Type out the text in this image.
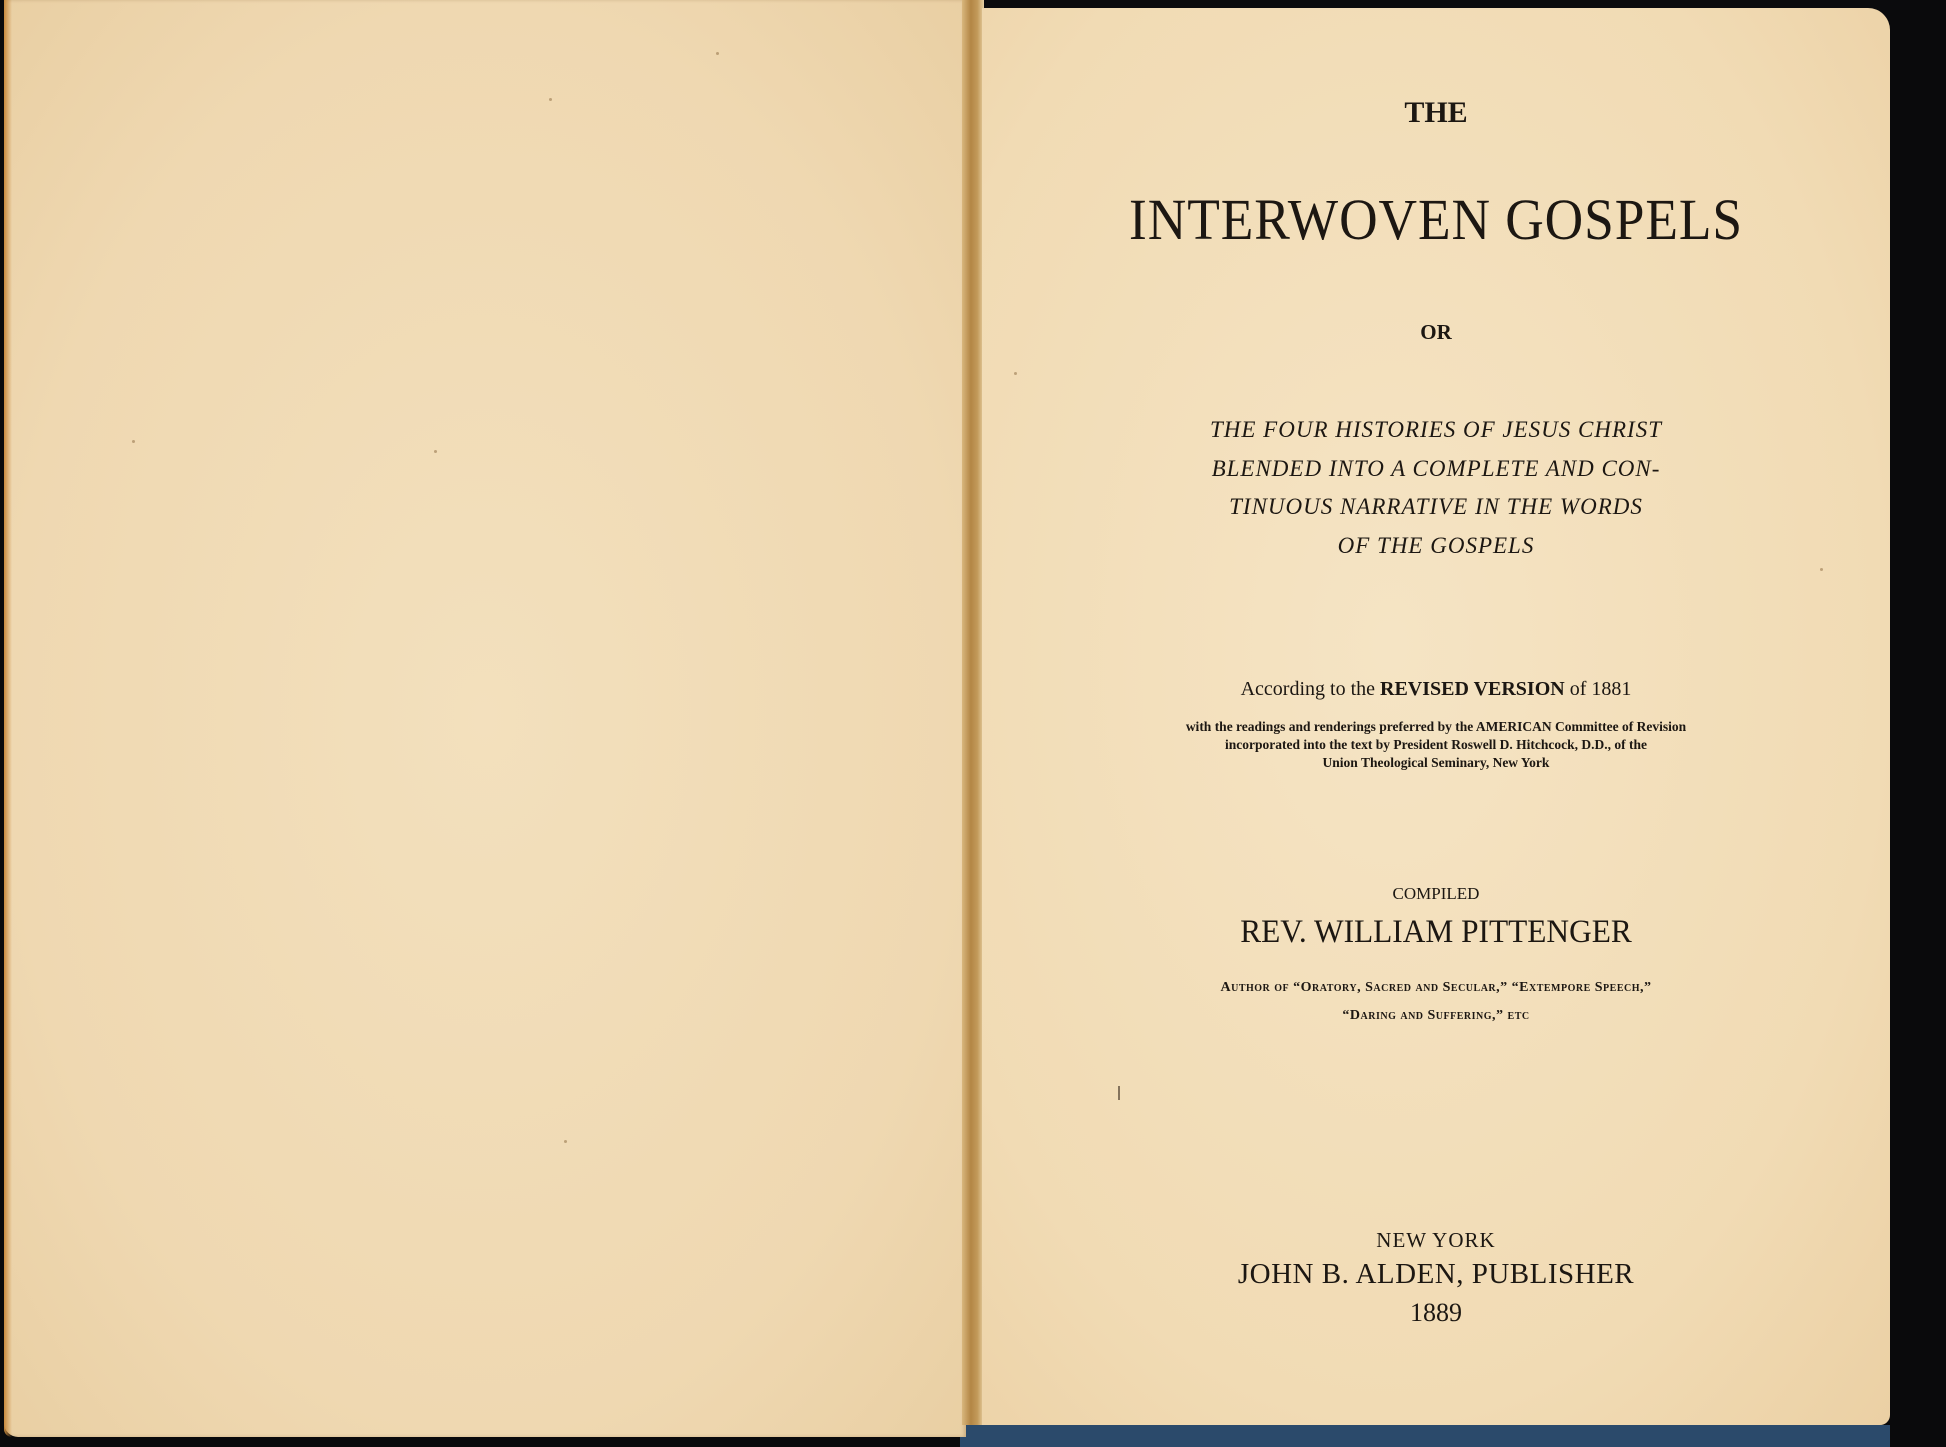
THE
INTERWOVEN GOSPELS
OR
THE FOUR HISTORIES OF JESUS CHRIST
BLENDED INTO A COMPLETE AND CON-
TINUOUS NARRATIVE IN THE WORDS
OF THE GOSPELS
According to the REVISED VERSION of 1881
with the readings and renderings preferred by the AMERICAN Committee of Revision
incorporated into the text by President Roswell D. Hitchcock, D.D., of the
Union Theological Seminary, New York
COMPILED
REV. WILLIAM PITTENGER
Author of “Oratory, Sacred and Secular,” “Extempore Speech,”
“Daring and Suffering,” etc
NEW YORK
JOHN B. ALDEN, PUBLISHER
1889
